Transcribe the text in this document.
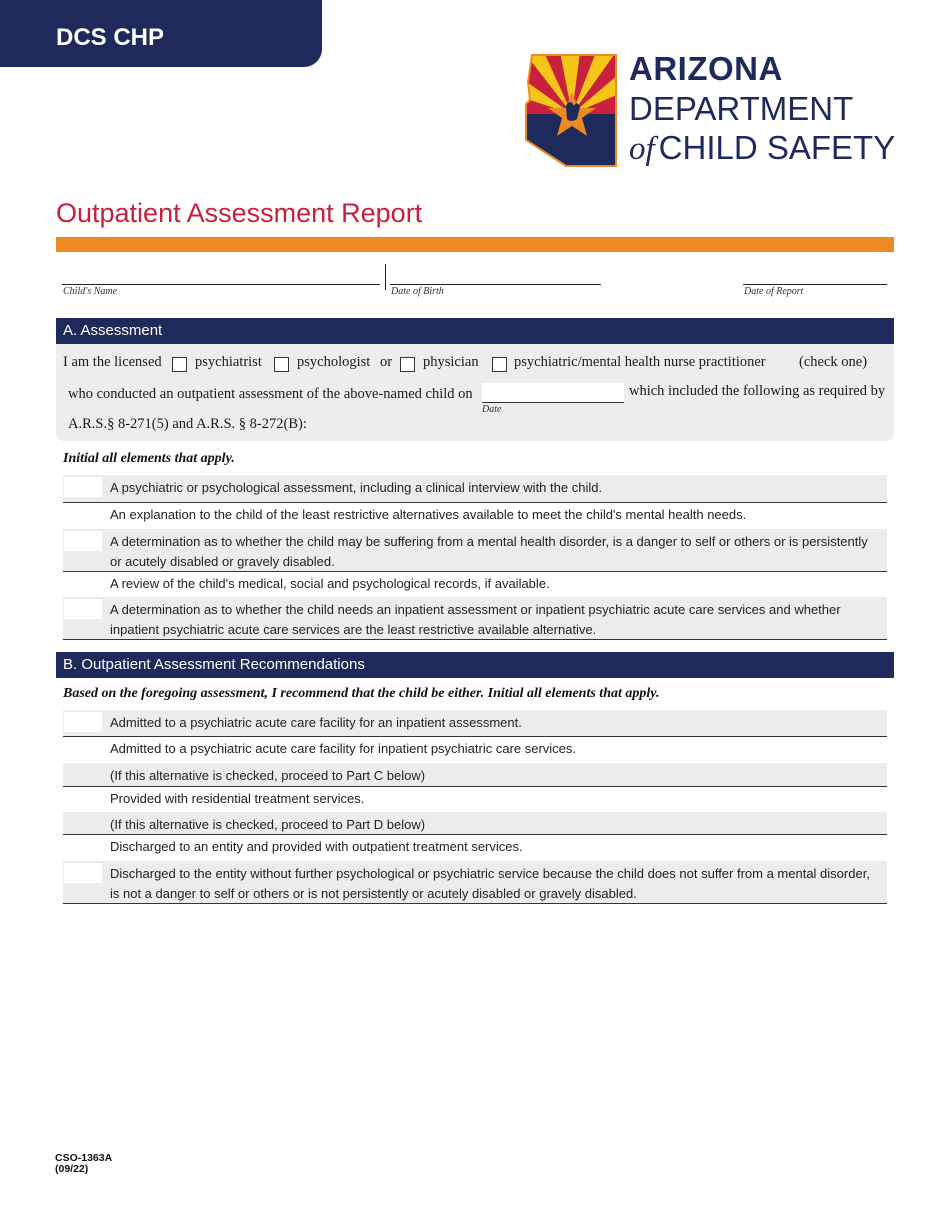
DCS CHP
ARIZONA
DEPARTMENT
of CHILD SAFETY
Outpatient Assessment Report
Child's Name	Date of Birth	Date of Report
A. Assessment
I am the licensed psychiatrist psychologist or physician psychiatric/mental health nurse practitioner (check one)
who conducted an outpatient assessment of the above-named child on
Date
which included the following as required by
A.R.S.§ 8-271(5) and A.R.S. § 8-272(B):
Initial all elements that apply.
A psychiatric or psychological assessment, including a clinical interview with the child.
An explanation to the child of the least restrictive alternatives available to meet the child's mental health needs.
A determination as to whether the child may be suffering from a mental health disorder, is a danger to self or others or is persistently or acutely disabled or gravely disabled.
A review of the child's medical, social and psychological records, if available.
A determination as to whether the child needs an inpatient assessment or inpatient psychiatric acute care services and whether inpatient psychiatric acute care services are the least restrictive available alternative.
B. Outpatient Assessment Recommendations
Based on the foregoing assessment, I recommend that the child be either. Initial all elements that apply.
Admitted to a psychiatric acute care facility for an inpatient assessment.
Admitted to a psychiatric acute care facility for inpatient psychiatric care services.
(If this alternative is checked, proceed to Part C below)
Provided with residential treatment services.
(If this alternative is checked, proceed to Part D below)
Discharged to an entity and provided with outpatient treatment services.
Discharged to the entity without further psychological or psychiatric service because the child does not suffer from a mental disorder, is not a danger to self or others or is not persistently or acutely disabled or gravely disabled.
CSO-1363A
(09/22)
